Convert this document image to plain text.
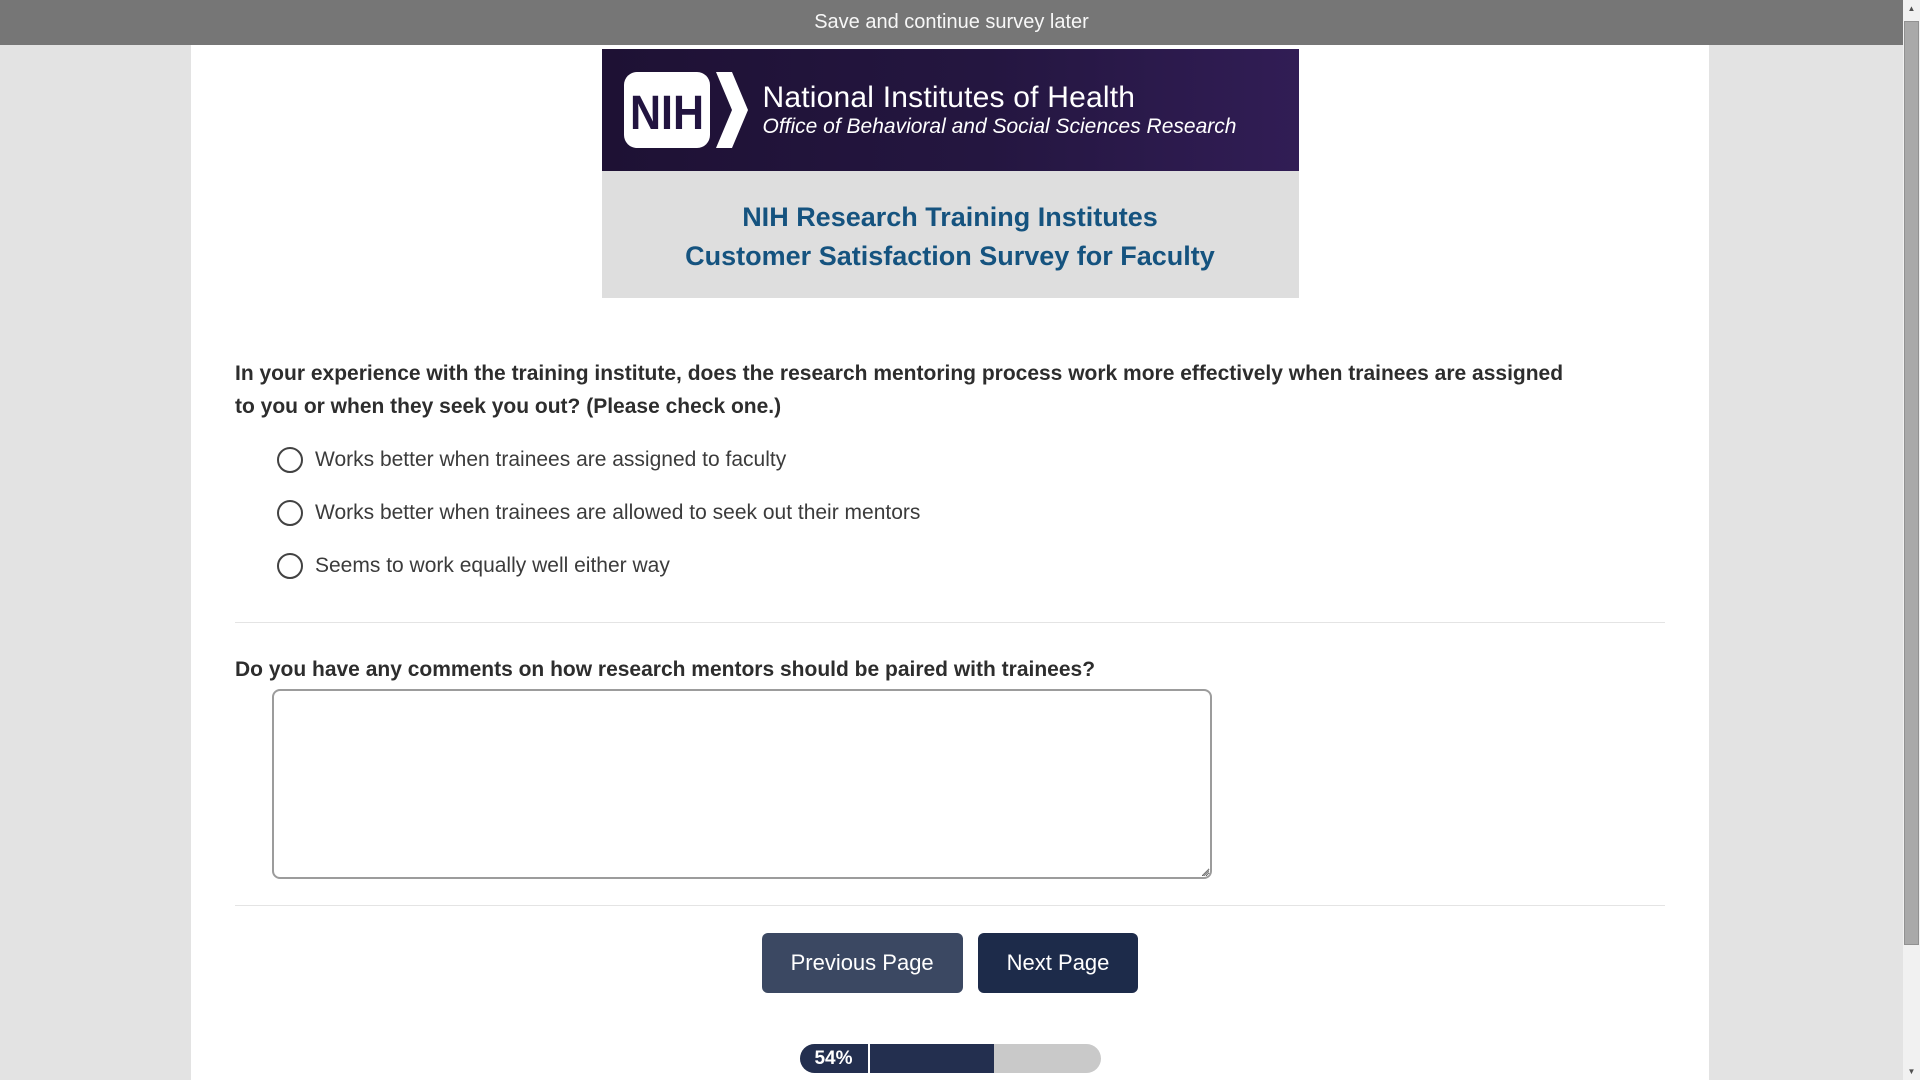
Save and continue survey later
NIH National Institutes of Health
Office of Behavioral and Social Sciences Research
NIH Research Training Institutes
Customer Satisfaction Survey for Faculty
In your experience with the training institute, does the research mentoring process work more effectively when trainees are assigned
to you or when they seek you out? (Please check one.)
Works better when trainees are assigned to faculty
Works better when trainees are allowed to seek out their mentors
Seems to work equally well either way
Do you have any comments on how research mentors should be paired with trainees?
Previous Page	Next Page
54%
▲
▼
